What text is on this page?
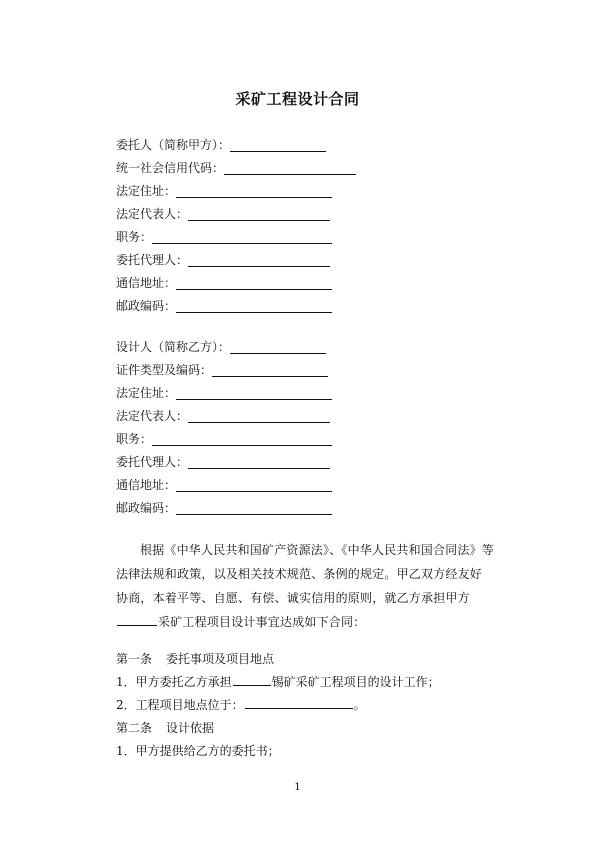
采矿工程设计合同
委托人（简称甲方）：
统一社会信用代码：
法定住址：
法定代表人：
职务：
委托代理人：
通信地址：
邮政编码：
设计人（简称乙方）：
证件类型及编码：
法定住址：
法定代表人：
职务：
委托代理人：
通信地址：
邮政编码：
根据《中华人民共和国矿产资源法》、《中华人民共和国合同法》等法律法规和政策，以及相关技术规范、条例的规定。甲乙双方经友好协商，本着平等、自愿、有偿、诚实信用的原则，就乙方承担甲方采矿工程项目设计事宜达成如下合同：
第一条 委托事项及项目地点
1．甲方委托乙方承担	锡矿采矿工程项目的设计工作；
2．工程项目地点位于：	。
第二条 设计依据
1．甲方提供给乙方的委托书；
1
